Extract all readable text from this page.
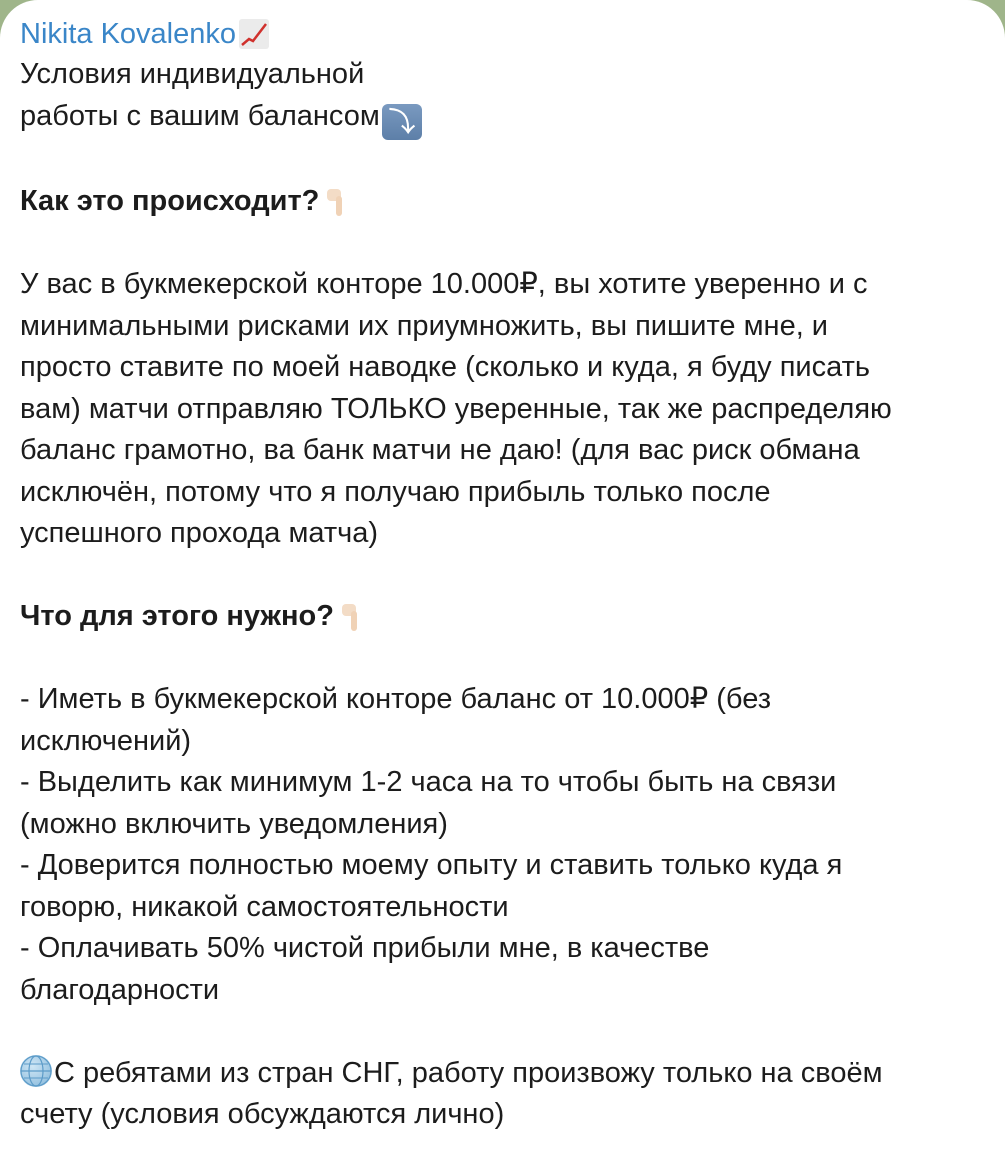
Nikita Kovalenko
Условия индивидуальной
работы с вашим балансом ⤵
Как это происходит?
У вас в букмекерской конторе 10.000₽, вы хотите уверенно и с
минимальными рисками их приумножить, вы пишите мне, и
просто ставите по моей наводке (сколько и куда, я буду писать
вам) матчи отправляю ТОЛЬКО уверенные, так же распределяю
баланс грамотно, ва банк матчи не даю! (для вас риск обмана
исключён, потому что я получаю прибыль только после
успешного прохода матча)
Что для этого нужно?
- Иметь в букмекерской конторе баланс от 10.000₽ (без
исключений)
- Выделить как минимум 1-2 часа на то чтобы быть на связи
(можно включить уведомления)
- Доверится полностью моему опыту и ставить только куда я
говорю, никакой самостоятельности
- Оплачивать 50% чистой прибыли мне, в качестве
благодарности
С ребятами из стран СНГ, работу произвожу только на своём
счету (условия обсуждаются лично)
